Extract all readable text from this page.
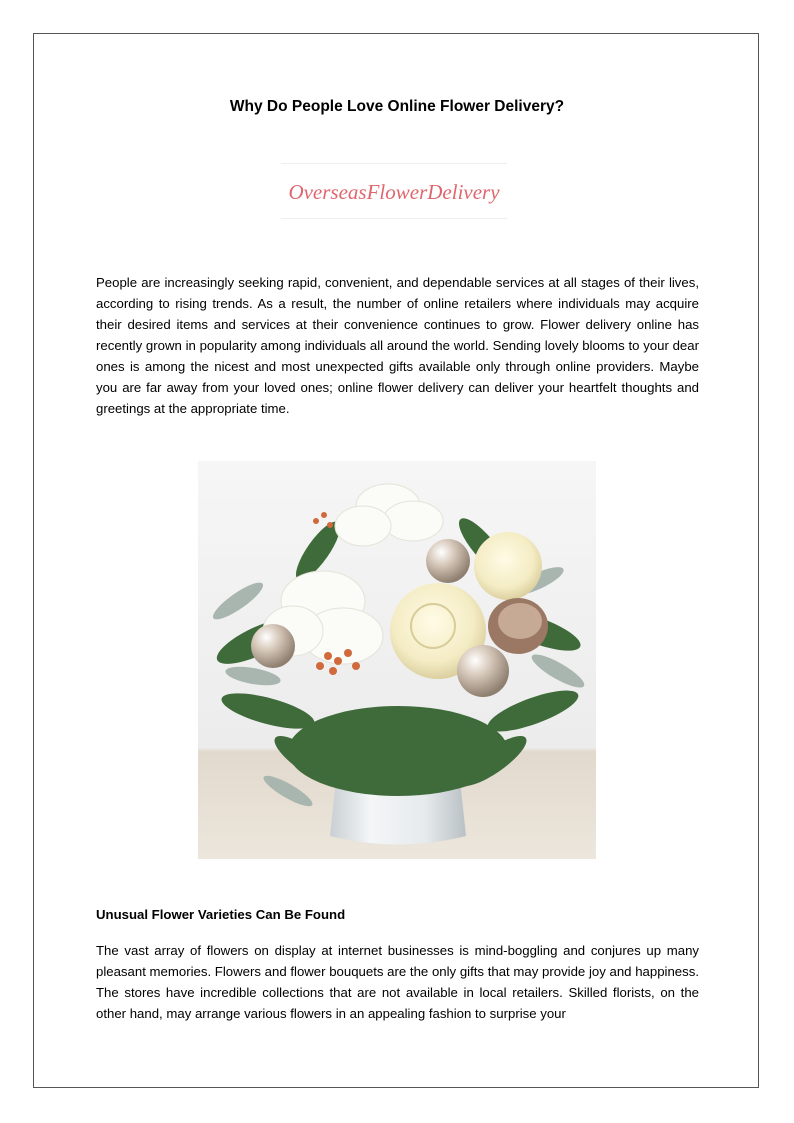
Why Do People Love Online Flower Delivery?
OverseasFlowerDelivery

People are increasingly seeking rapid, convenient, and dependable services at all stages of their lives, according to rising trends. As a result, the number of online retailers where individuals may acquire their desired items and services at their convenience continues to grow. Flower delivery online has recently grown in popularity among individuals all around the world. Sending lovely blooms to your dear ones is among the nicest and most unexpected gifts available only through online providers. Maybe you are far away from your loved ones; online flower delivery can deliver your heartfelt thoughts and greetings at the appropriate time.

Unusual Flower Varieties Can Be Found

The vast array of flowers on display at internet businesses is mind-boggling and conjures up many pleasant memories. Flowers and flower bouquets are the only gifts that may provide joy and happiness. The stores have incredible collections that are not available in local retailers. Skilled florists, on the other hand, may arrange various flowers in an appealing fashion to surprise your
